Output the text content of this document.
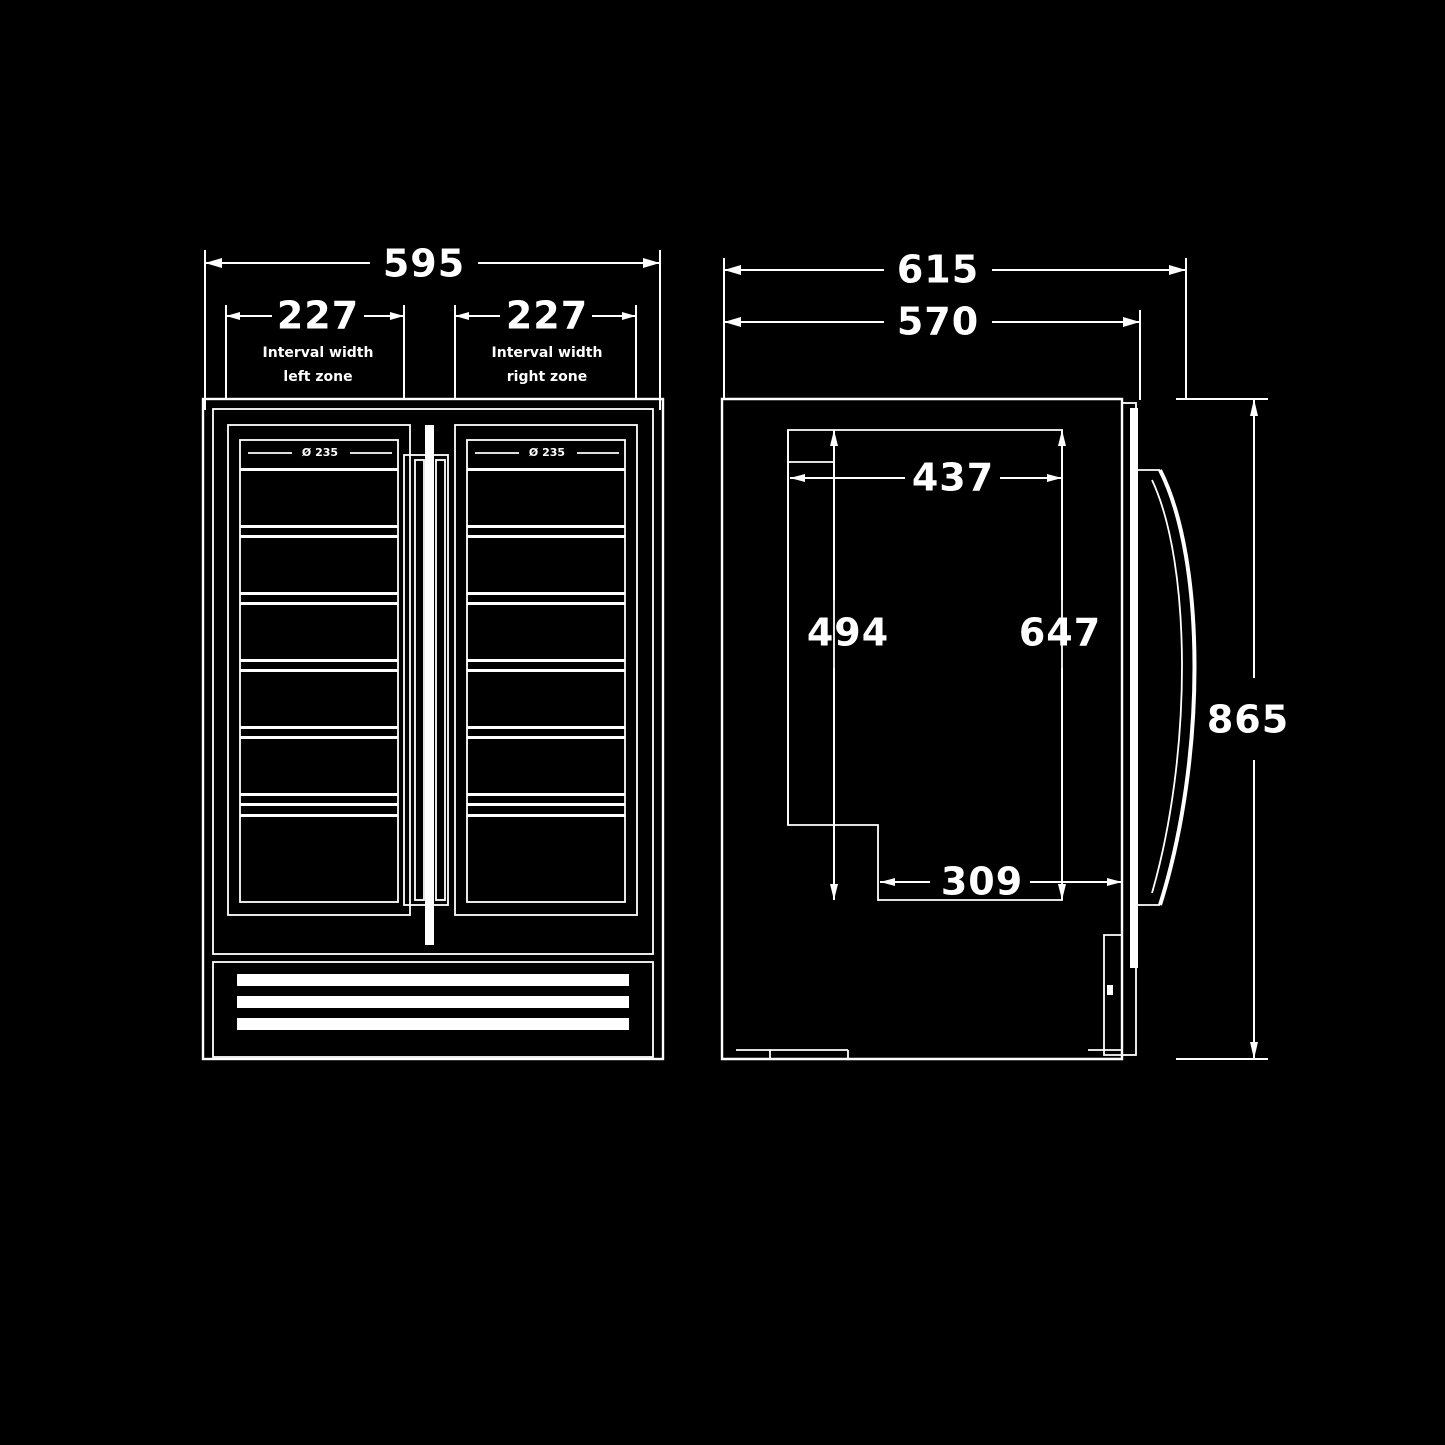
595
227
Interval width
left zone
227
Interval width
right zone
Ø 235	Ø 235
615
570
437
494	647
309
865
